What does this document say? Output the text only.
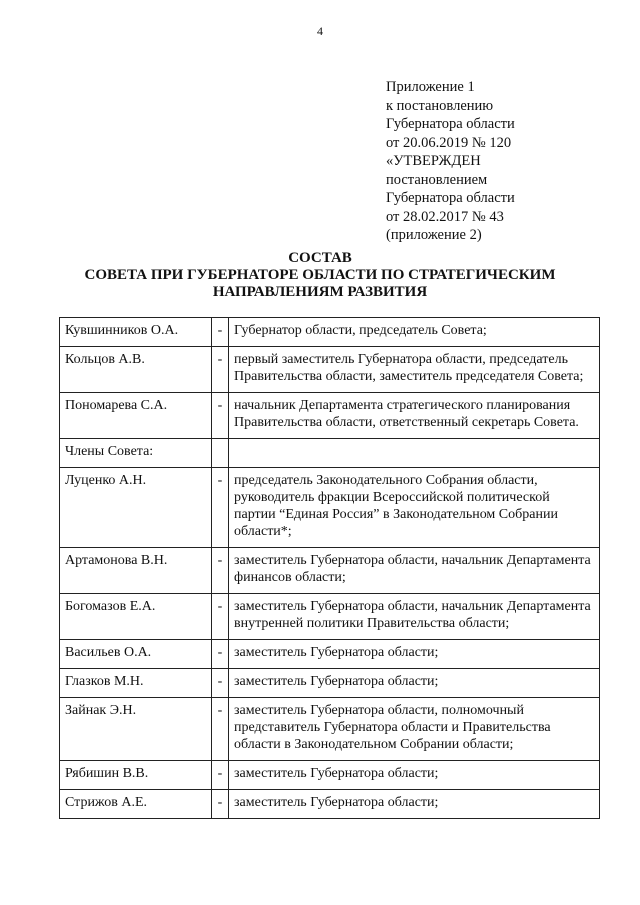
4
Приложение 1
к постановлению
Губернатора области
от 20.06.2019 № 120
«УТВЕРЖДЕН
постановлением
Губернатора области
от 28.02.2017 № 43
(приложение 2)
СОСТАВ
СОВЕТА ПРИ ГУБЕРНАТОРЕ ОБЛАСТИ ПО СТРАТЕГИЧЕСКИМ
НАПРАВЛЕНИЯМ РАЗВИТИЯ
Кувшинников О.А.	-	Губернатор области, председатель Совета;
Кольцов А.В.	-	первый заместитель Губернатора области, председатель Правительства области, заместитель председателя Совета;
Пономарева С.А.	-	начальник Департамента стратегического планирования Правительства области, ответственный секретарь Совета.
Члены Совета:		
Луценко А.Н.	-	председатель Законодательного Собрания области, руководитель фракции Всероссийской политической партии “Единая Россия” в Законодательном Собрании области*;
Артамонова В.Н.	-	заместитель Губернатора области, начальник Департамента финансов области;
Богомазов Е.А.	-	заместитель Губернатора области, начальник Департамента внутренней политики Правительства области;
Васильев О.А.	-	заместитель Губернатора области;
Глазков М.Н.	-	заместитель Губернатора области;
Зайнак Э.Н.	-	заместитель Губернатора области, полномочный представитель Губернатора области и Правительства области в Законодательном Собрании области;
Рябишин В.В.	-	заместитель Губернатора области;
Стрижов А.Е.	-	заместитель Губернатора области;
